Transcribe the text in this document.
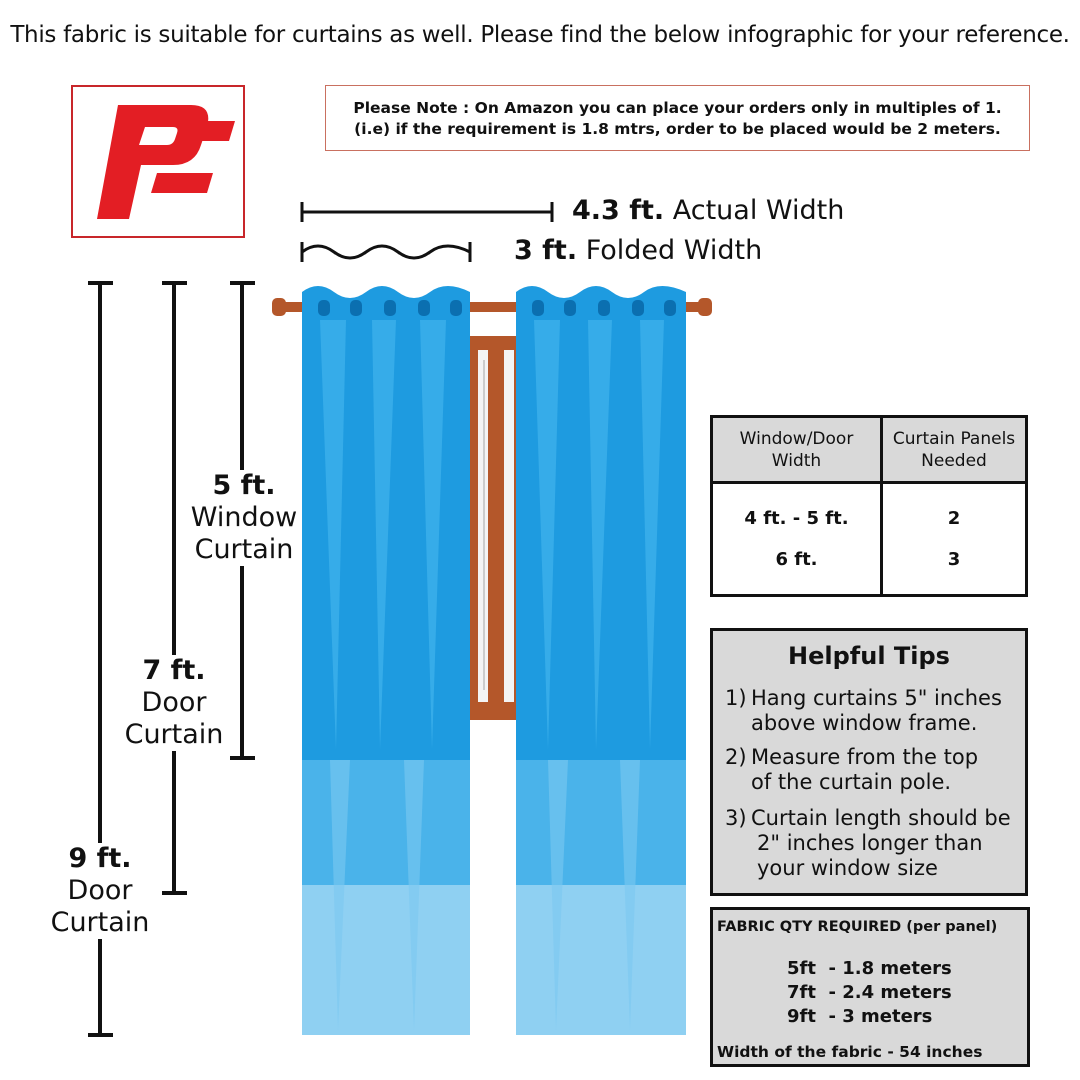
This fabric is suitable for curtains as well. Please find the below infographic for your reference.
Please Note : On Amazon you can place your orders only in multiples of 1.
(i.e) if the requirement is 1.8 mtrs, order to be placed would be 2 meters.
4.3 ft. Actual Width
3 ft. Folded Width
5 ft.
Window
Curtain
7 ft.
Door
Curtain
9 ft.
Door
Curtain
Window/Door Width	Curtain Panels Needed
4 ft. - 5 ft.	2
6 ft.	3
Helpful Tips
1) Hang curtains 5" inches
above window frame.
2) Measure from the top
of the curtain pole.
3) Curtain length should be
2" inches longer than
your window size
FABRIC QTY REQUIRED (per panel)
5ft  - 1.8 meters
7ft  - 2.4 meters
9ft  - 3 meters
Width of the fabric - 54 inches
